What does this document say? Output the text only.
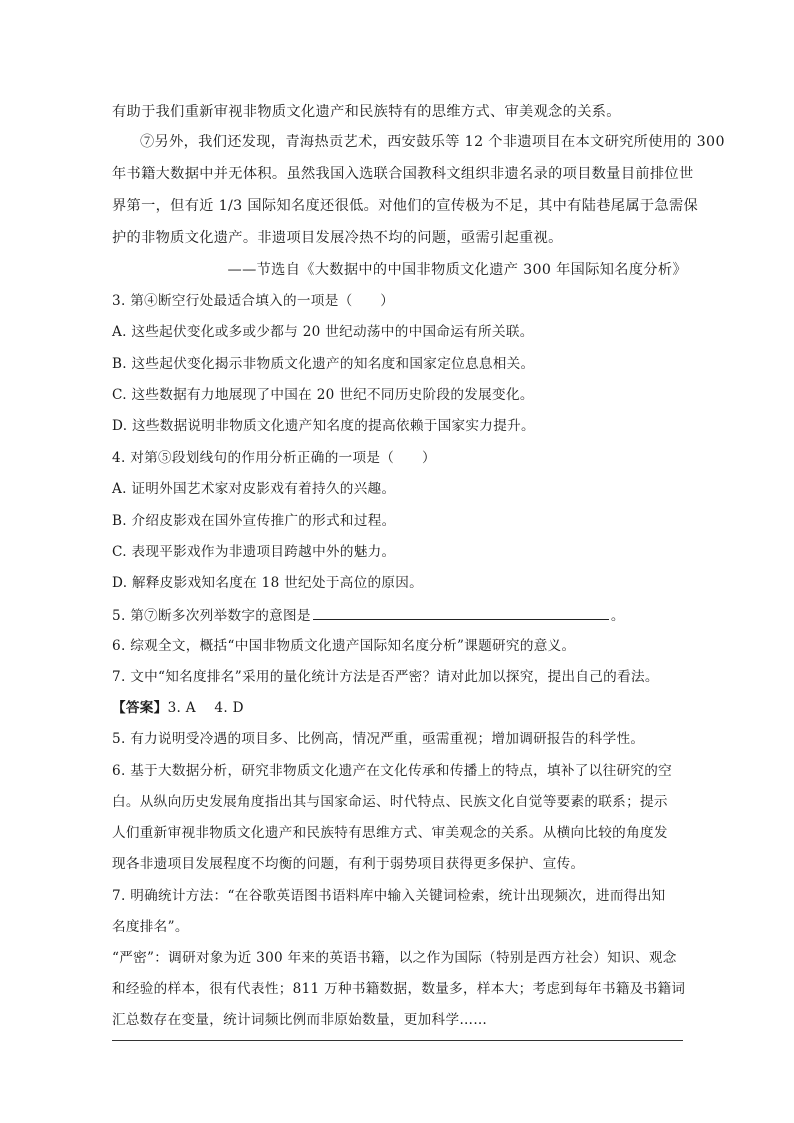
有助于我们重新审视非物质文化遗产和民族特有的思维方式、审美观念的关系。
⑦另外，我们还发现，青海热贡艺术，西安鼓乐等 12 个非遗项目在本文研究所使用的 300
年书籍大数据中并无体积。虽然我国入选联合国教科文组织非遗名录的项目数量目前排位世
界第一，但有近 1/3 国际知名度还很低。对他们的宣传极为不足，其中有陆巷尾属于急需保
护的非物质文化遗产。非遗项目发展冷热不均的问题，亟需引起重视。
——节选自《大数据中的中国非物质文化遗产 300 年国际知名度分析》
3. 第④断空行处最适合填入的一项是（　　）
A. 这些起伏变化或多或少都与 20 世纪动荡中的中国命运有所关联。
B. 这些起伏变化揭示非物质文化遗产的知名度和国家定位息息相关。
C. 这些数据有力地展现了中国在 20 世纪不同历史阶段的发展变化。
D. 这些数据说明非物质文化遗产知名度的提高依赖于国家实力提升。
4. 对第⑤段划线句的作用分析正确的一项是（　　）
A. 证明外国艺术家对皮影戏有着持久的兴趣。
B. 介绍皮影戏在国外宣传推广的形式和过程。
C. 表现平影戏作为非遗项目跨越中外的魅力。
D. 解释皮影戏知名度在 18 世纪处于高位的原因。
5. 第⑦断多次列举数字的意图是	。
6. 综观全文，概括“中国非物质文化遗产国际知名度分析”课题研究的意义。
7. 文中“知名度排名”采用的量化统计方法是否严密？请对此加以探究，提出自己的看法。
【答案】3. A　 4. D
5. 有力说明受冷遇的项目多、比例高，情况严重，亟需重视；增加调研报告的科学性。
6. 基于大数据分析，研究非物质文化遗产在文化传承和传播上的特点，填补了以往研究的空
白。从纵向历史发展角度指出其与国家命运、时代特点、民族文化自觉等要素的联系；提示
人们重新审视非物质文化遗产和民族特有思维方式、审美观念的关系。从横向比较的角度发
现各非遗项目发展程度不均衡的问题，有利于弱势项目获得更多保护、宣传。
7. 明确统计方法：“在谷歌英语图书语料库中输入关键词检索，统计出现频次，进而得出知
名度排名”。
“严密”：调研对象为近 300 年来的英语书籍，以之作为国际（特别是西方社会）知识、观念
和经验的样本，很有代表性；811 万种书籍数据，数量多，样本大；考虑到每年书籍及书籍词
汇总数存在变量，统计词频比例而非原始数量，更加科学……
